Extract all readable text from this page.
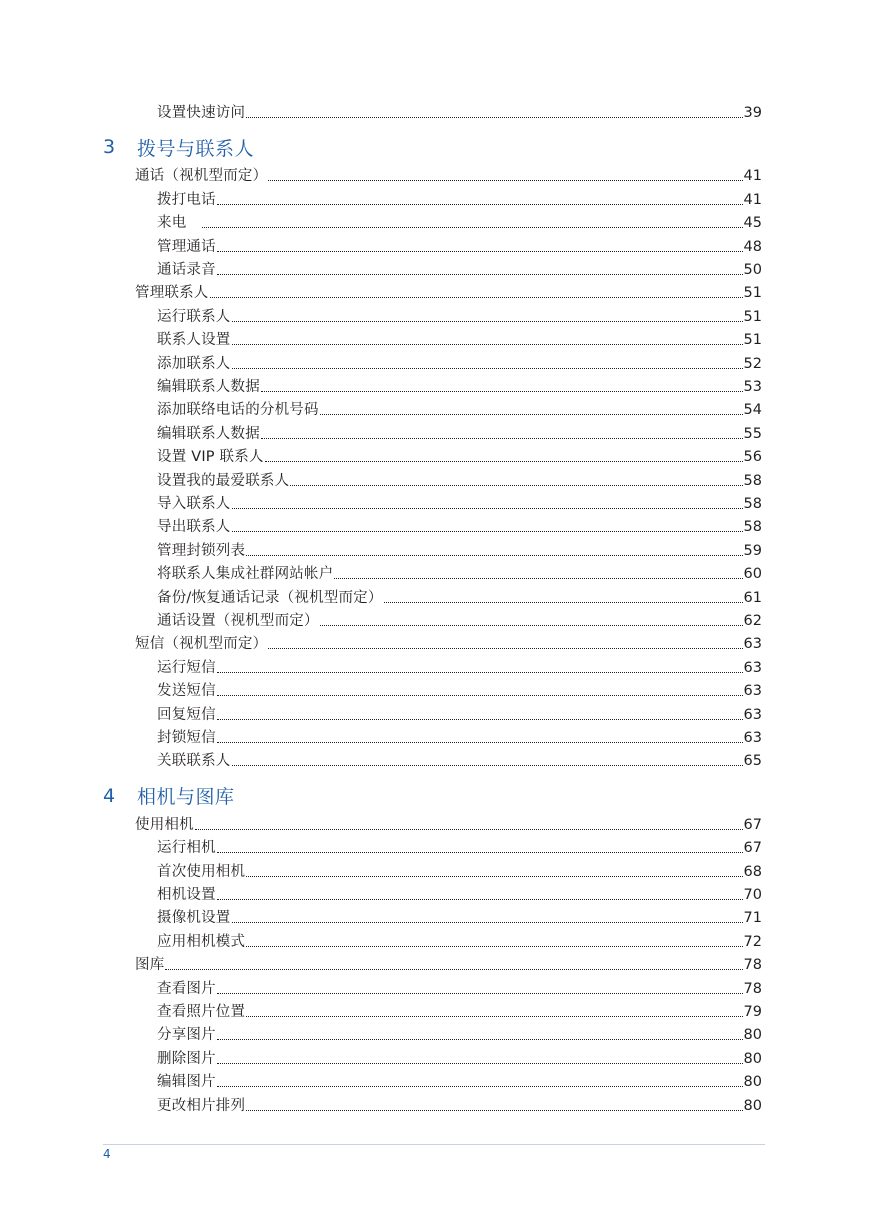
设置快速访问	39
3	拨号与联系人
通话（视机型而定）	41
拨打电话	41
来电　	45
管理通话	48
通话录音	50
管理联系人	51
运行联系人	51
联系人设置	51
添加联系人	52
编辑联系人数据	53
添加联络电话的分机号码	54
编辑联系人数据	55
设置 VIP 联系人	56
设置我的最爱联系人	58
导入联系人	58
导出联系人	58
管理封锁列表	59
将联系人集成社群网站帐户	60
备份/恢复通话记录（视机型而定）	61
通话设置（视机型而定）	62
短信（视机型而定）	63
运行短信	63
发送短信	63
回复短信	63
封锁短信	63
关联联系人	65
4	相机与图库
使用相机	67
运行相机	67
首次使用相机	68
相机设置	70
摄像机设置	71
应用相机模式	72
图库	78
查看图片	78
查看照片位置	79
分享图片	80
删除图片	80
编辑图片	80
更改相片排列	80
4
